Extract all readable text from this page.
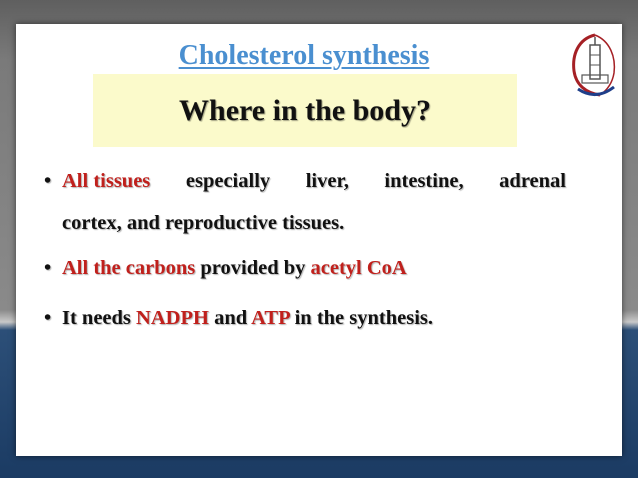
Cholesterol synthesis
Where in the body?
• All tissues especially liver, intestine, adrenal
cortex, and reproductive tissues.
• All the carbons provided by acetyl CoA
• It needs NADPH and ATP in the synthesis.
